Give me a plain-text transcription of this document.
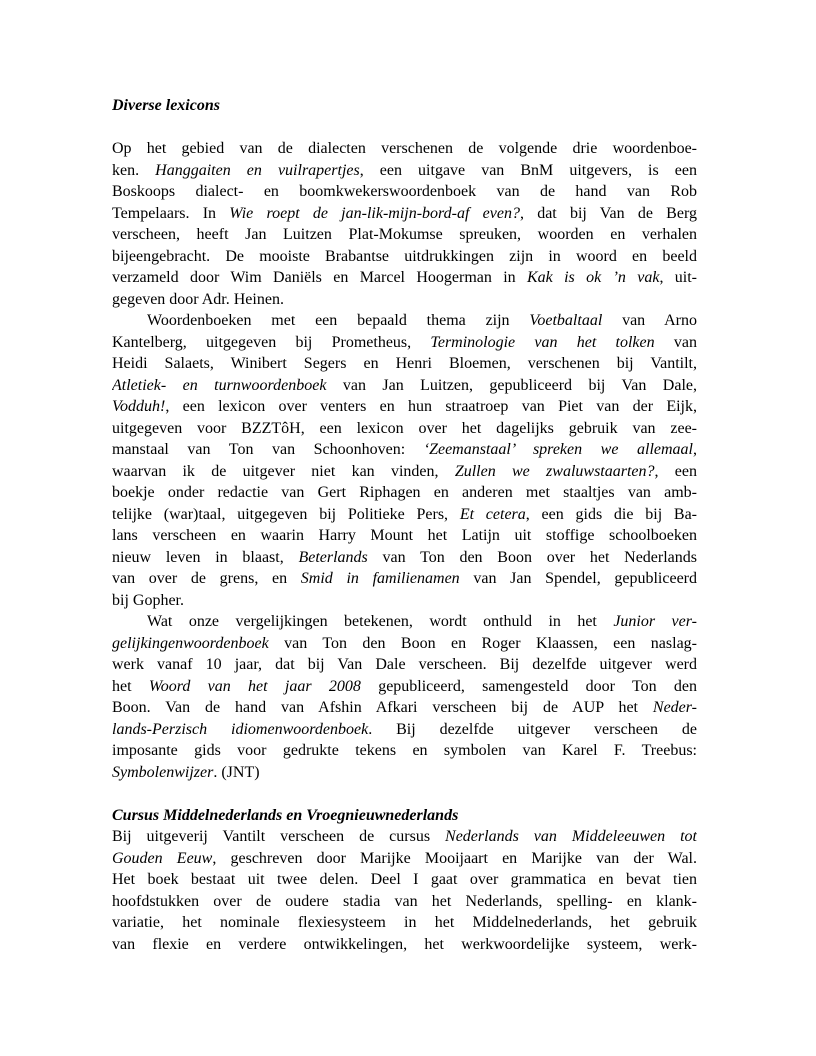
Diverse lexicons
Op het gebied van de dialecten verschenen de volgende drie woordenboe-
ken. Hanggaiten en vuilrapertjes, een uitgave van BnM uitgevers, is een
Boskoops dialect- en boomkwekerswoordenboek van de hand van Rob
Tempelaars. In Wie roept de jan-lik-mijn-bord-af even?, dat bij Van de Berg
verscheen, heeft Jan Luitzen Plat-Mokumse spreuken, woorden en verhalen
bijeengebracht. De mooiste Brabantse uitdrukkingen zijn in woord en beeld
verzameld door Wim Daniëls en Marcel Hoogerman in Kak is ok ’n vak, uit-
gegeven door Adr. Heinen.
Woordenboeken met een bepaald thema zijn Voetbaltaal van Arno
Kantelberg, uitgegeven bij Prometheus, Terminologie van het tolken van
Heidi Salaets, Winibert Segers en Henri Bloemen, verschenen bij Vantilt,
Atletiek- en turnwoordenboek van Jan Luitzen, gepubliceerd bij Van Dale,
Vodduh!, een lexicon over venters en hun straatroep van Piet van der Eijk,
uitgegeven voor BZZTôH, een lexicon over het dagelijks gebruik van zee-
manstaal van Ton van Schoonhoven: ‘Zeemanstaal’ spreken we allemaal,
waarvan ik de uitgever niet kan vinden, Zullen we zwaluwstaarten?, een
boekje onder redactie van Gert Riphagen en anderen met staaltjes van amb-
telijke (war)taal, uitgegeven bij Politieke Pers, Et cetera, een gids die bij Ba-
lans verscheen en waarin Harry Mount het Latijn uit stoffige schoolboeken
nieuw leven in blaast, Beterlands van Ton den Boon over het Nederlands
van over de grens, en Smid in familienamen van Jan Spendel, gepubliceerd
bij Gopher.
Wat onze vergelijkingen betekenen, wordt onthuld in het Junior ver-
gelijkingenwoordenboek van Ton den Boon en Roger Klaassen, een naslag-
werk vanaf 10 jaar, dat bij Van Dale verscheen. Bij dezelfde uitgever werd
het Woord van het jaar 2008 gepubliceerd, samengesteld door Ton den
Boon. Van de hand van Afshin Afkari verscheen bij de AUP het Neder-
lands-Perzisch idiomenwoordenboek. Bij dezelfde uitgever verscheen de
imposante gids voor gedrukte tekens en symbolen van Karel F. Treebus:
Symbolenwijzer. (JNT)
Cursus Middelnederlands en Vroegnieuwnederlands
Bij uitgeverij Vantilt verscheen de cursus Nederlands van Middeleeuwen tot
Gouden Eeuw, geschreven door Marijke Mooijaart en Marijke van der Wal.
Het boek bestaat uit twee delen. Deel I gaat over grammatica en bevat tien
hoofdstukken over de oudere stadia van het Nederlands, spelling- en klank-
variatie, het nominale flexiesysteem in het Middelnederlands, het gebruik
van flexie en verdere ontwikkelingen, het werkwoordelijke systeem, werk-
